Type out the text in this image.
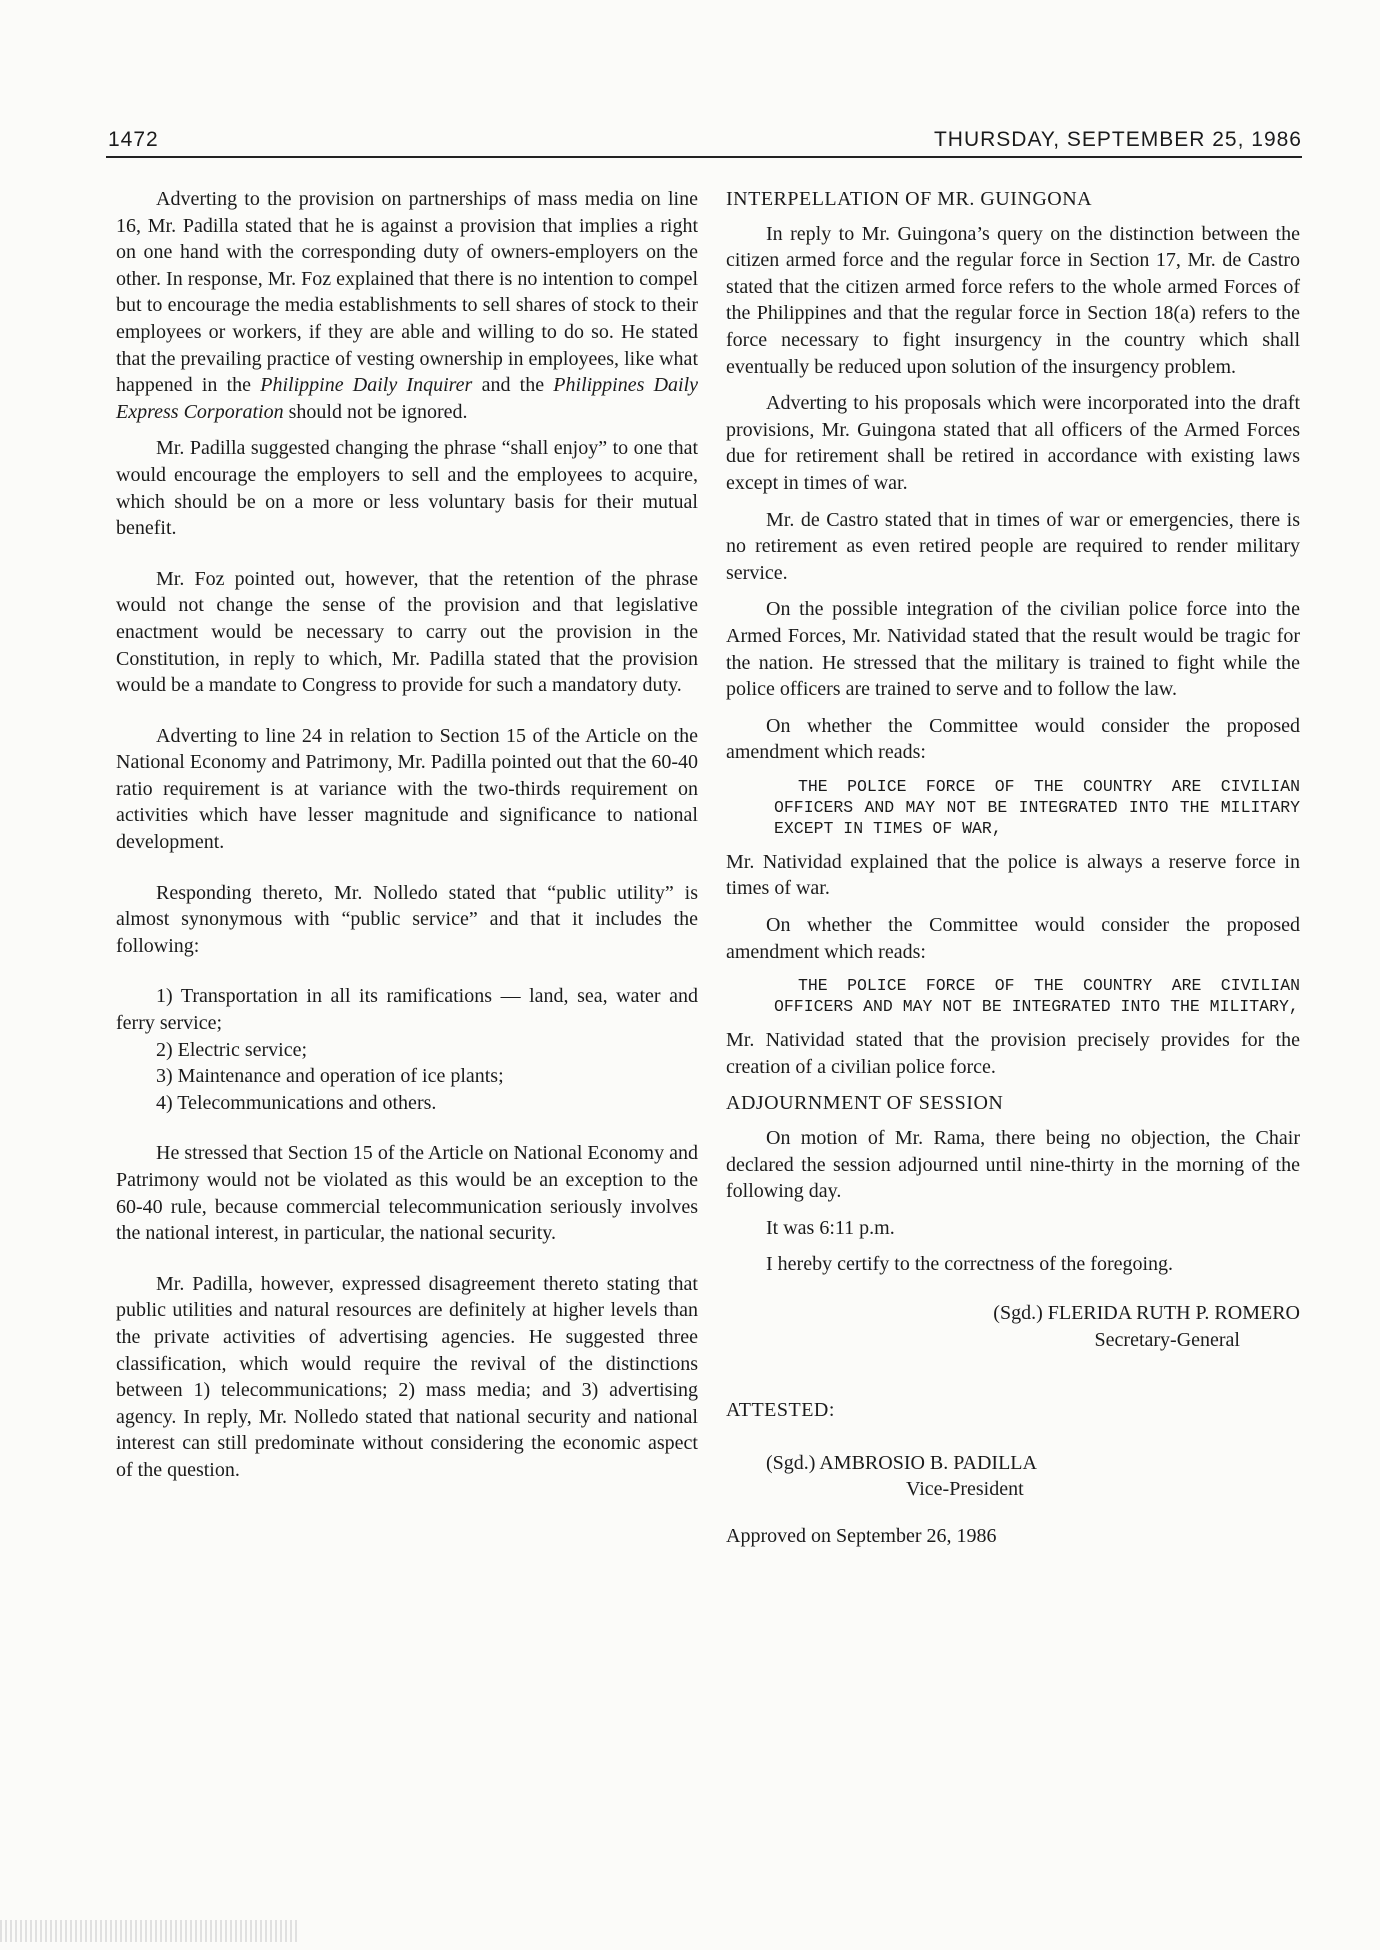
1472	THURSDAY, SEPTEMBER 25, 1986

Adverting to the provision on partnerships of mass media on line 16, Mr. Padilla stated that he is against a provision that implies a right on one hand with the corresponding duty of owners-employers on the other. In response, Mr. Foz explained that there is no intention to compel but to encourage the media establishments to sell shares of stock to their employees or workers, if they are able and willing to do so. He stated that the prevailing practice of vesting ownership in employees, like what happened in the Philippine Daily Inquirer and the Philippines Daily Express Corporation should not be ignored.

Mr. Padilla suggested changing the phrase “shall enjoy” to one that would encourage the employers to sell and the employees to acquire, which should be on a more or less voluntary basis for their mutual benefit.

Mr. Foz pointed out, however, that the retention of the phrase would not change the sense of the provision and that legislative enactment would be necessary to carry out the provision in the Constitution, in reply to which, Mr. Padilla stated that the provision would be a mandate to Congress to provide for such a mandatory duty.

Adverting to line 24 in relation to Section 15 of the Article on the National Economy and Patrimony, Mr. Padilla pointed out that the 60-40 ratio requirement is at variance with the two-thirds requirement on activities which have lesser magnitude and significance to national development.

Responding thereto, Mr. Nolledo stated that “public utility” is almost synonymous with “public service” and that it includes the following:

1) Transportation in all its ramifications — land, sea, water and ferry service;

2) Electric service;

3) Maintenance and operation of ice plants;

4) Telecommunications and others.

He stressed that Section 15 of the Article on National Economy and Patrimony would not be violated as this would be an exception to the 60-40 rule, because commercial telecommunication seriously involves the national interest, in particular, the national security.

Mr. Padilla, however, expressed disagreement thereto stating that public utilities and natural resources are definitely at higher levels than the private activities of advertising agencies. He suggested three classification, which would require the revival of the distinctions between 1) telecommunications; 2) mass media; and 3) advertising agency. In reply, Mr. Nolledo stated that national security and national interest can still predominate without considering the economic aspect of the question.

INTERPELLATION OF MR. GUINGONA

In reply to Mr. Guingona’s query on the distinction between the citizen armed force and the regular force in Section 17, Mr. de Castro stated that the citizen armed force refers to the whole armed Forces of the Philippines and that the regular force in Section 18(a) refers to the force necessary to fight insurgency in the country which shall eventually be reduced upon solution of the insurgency problem.

Adverting to his proposals which were incorporated into the draft provisions, Mr. Guingona stated that all officers of the Armed Forces due for retirement shall be retired in accordance with existing laws except in times of war.

Mr. de Castro stated that in times of war or emergencies, there is no retirement as even retired people are required to render military service.

On the possible integration of the civilian police force into the Armed Forces, Mr. Natividad stated that the result would be tragic for the nation. He stressed that the military is trained to fight while the police officers are trained to serve and to follow the law.

On whether the Committee would consider the proposed amendment which reads:

THE POLICE FORCE OF THE COUNTRY ARE CIVILIAN OFFICERS AND MAY NOT BE INTEGRATED INTO THE MILITARY EXCEPT IN TIMES OF WAR,

Mr. Natividad explained that the police is always a reserve force in times of war.

On whether the Committee would consider the proposed amendment which reads:

THE POLICE FORCE OF THE COUNTRY ARE CIVILIAN OFFICERS AND MAY NOT BE INTEGRATED INTO THE MILITARY,

Mr. Natividad stated that the provision precisely provides for the creation of a civilian police force.

ADJOURNMENT OF SESSION

On motion of Mr. Rama, there being no objection, the Chair declared the session adjourned until nine-thirty in the morning of the following day.

It was 6:11 p.m.

I hereby certify to the correctness of the foregoing.

(Sgd.) FLERIDA RUTH P. ROMERO

Secretary-General

ATTESTED:

(Sgd.) AMBROSIO B. PADILLA

Vice-President

Approved on September 26, 1986
